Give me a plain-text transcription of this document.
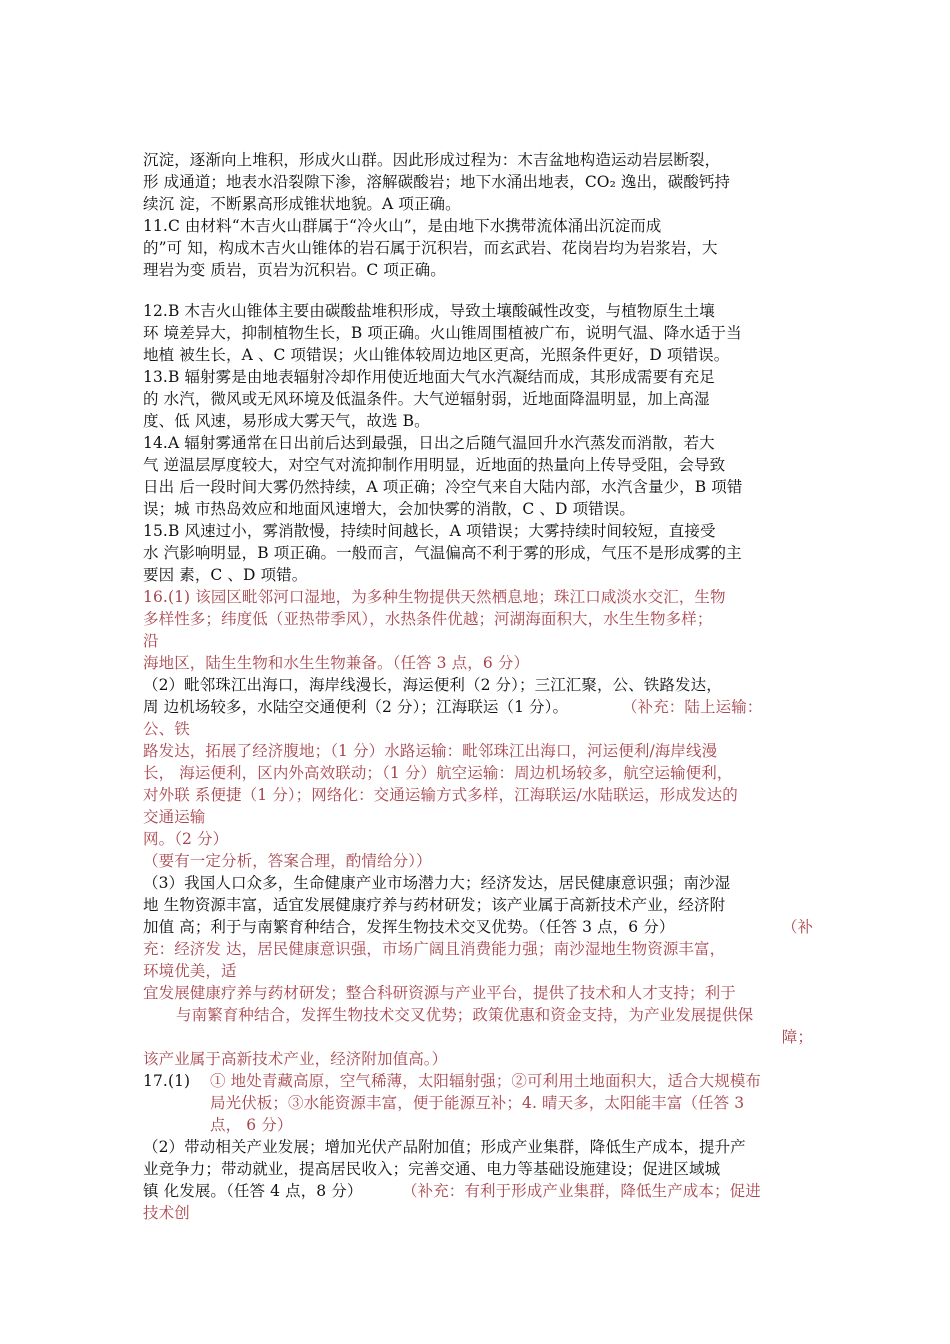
沉淀，逐渐向上堆积，形成火山群。因此形成过程为：木吉盆地构造运动岩层断裂，
形 成通道；地表水沿裂隙下渗，溶解碳酸岩；地下水涌出地表，CO₂ 逸出，碳酸钙持
续沉 淀，不断累高形成锥状地貌。A 项正确。
11.C 由材料“木吉火山群属于“冷火山”，是由地下水携带流体涌出沉淀而成
的”可 知，构成木吉火山锥体的岩石属于沉积岩，而玄武岩、花岗岩均为岩浆岩，大
理岩为变 质岩，页岩为沉积岩。C 项正确。
12.B 木吉火山锥体主要由碳酸盐堆积形成，导致土壤酸碱性改变，与植物原生土壤
环 境差异大，抑制植物生长，B 项正确。火山锥周围植被广布，说明气温、降水适于当
地植 被生长，A 、C 项错误；火山锥体较周边地区更高，光照条件更好，D 项错误。
13.B 辐射雾是由地表辐射冷却作用使近地面大气水汽凝结而成，其形成需要有充足
的 水汽，微风或无风环境及低温条件。大气逆辐射弱，近地面降温明显，加上高湿
度、低 风速，易形成大雾天气，故选 B。
14.A 辐射雾通常在日出前后达到最强，日出之后随气温回升水汽蒸发而消散，若大
气 逆温层厚度较大，对空气对流抑制作用明显，近地面的热量向上传导受阻，会导致
日出 后一段时间大雾仍然持续，A 项正确；冷空气来自大陆内部，水汽含量少，B 项错
误；城 市热岛效应和地面风速增大，会加快雾的消散，C 、D 项错误。
15.B 风速过小，雾消散慢，持续时间越长，A 项错误；大雾持续时间较短，直接受
水 汽影响明显，B 项正确。一般而言，气温偏高不利于雾的形成，气压不是形成雾的主
要因 素，C 、D 项错。
16.(1) 该园区毗邻河口湿地，为多种生物提供天然栖息地；珠江口咸淡水交汇，生物
多样性多；纬度低（亚热带季风），水热条件优越；河湖海面积大，水生生物多样；
沿
海地区，陆生生物和水生生物兼备。（任答 3 点，6 分）
（2）毗邻珠江出海口，海岸线漫长，海运便利（2 分）；三江汇聚，公、铁路发达，
周 边机场较多，水陆空交通便利（2 分）；江海联运（1 分）。	（补充：陆上运输：
公、铁
路发达，拓展了经济腹地；（1 分）水路运输：毗邻珠江出海口，河运便利/海岸线漫
长， 海运便利，区内外高效联动；（1 分）航空运输：周边机场较多，航空运输便利，
对外联 系便捷（1 分）；网络化：交通运输方式多样，江海联运/水陆联运，形成发达的
交通运输
网。（2 分）
（要有一定分析，答案合理，酌情给分））
（3）我国人口众多，生命健康产业市场潜力大；经济发达，居民健康意识强；南沙湿
地 生物资源丰富，适宜发展健康疗养与药材研发；该产业属于高新技术产业，经济附
加值 高；利于与南繁育种结合，发挥生物技术交叉优势。（任答 3 点，6 分）	（补
充：经济发 达，居民健康意识强，市场广阔且消费能力强；南沙湿地生物资源丰富，
环境优美，适
宜发展健康疗养与药材研发；整合科研资源与产业平台，提供了技术和人才支持；利于
与南繁育种结合，发挥生物技术交叉优势；政策优惠和资金支持，为产业发展提供保
障；
该产业属于高新技术产业，经济附加值高。）
17.(1) ① 地处青藏高原，空气稀薄，太阳辐射强；②可利用土地面积大，适合大规模布
局光伏板；③水能资源丰富，便于能源互补；4. 晴天多，太阳能丰富（任答 3
点， 6 分）
（2）带动相关产业发展；增加光伏产品附加值；形成产业集群，降低生产成本，提升产
业竞争力；带动就业，提高居民收入；完善交通、电力等基础设施建设；促进区域城
镇 化发展。（任答 4 点，8 分）	（补充：有利于形成产业集群，降低生产成本；促进
技术创
